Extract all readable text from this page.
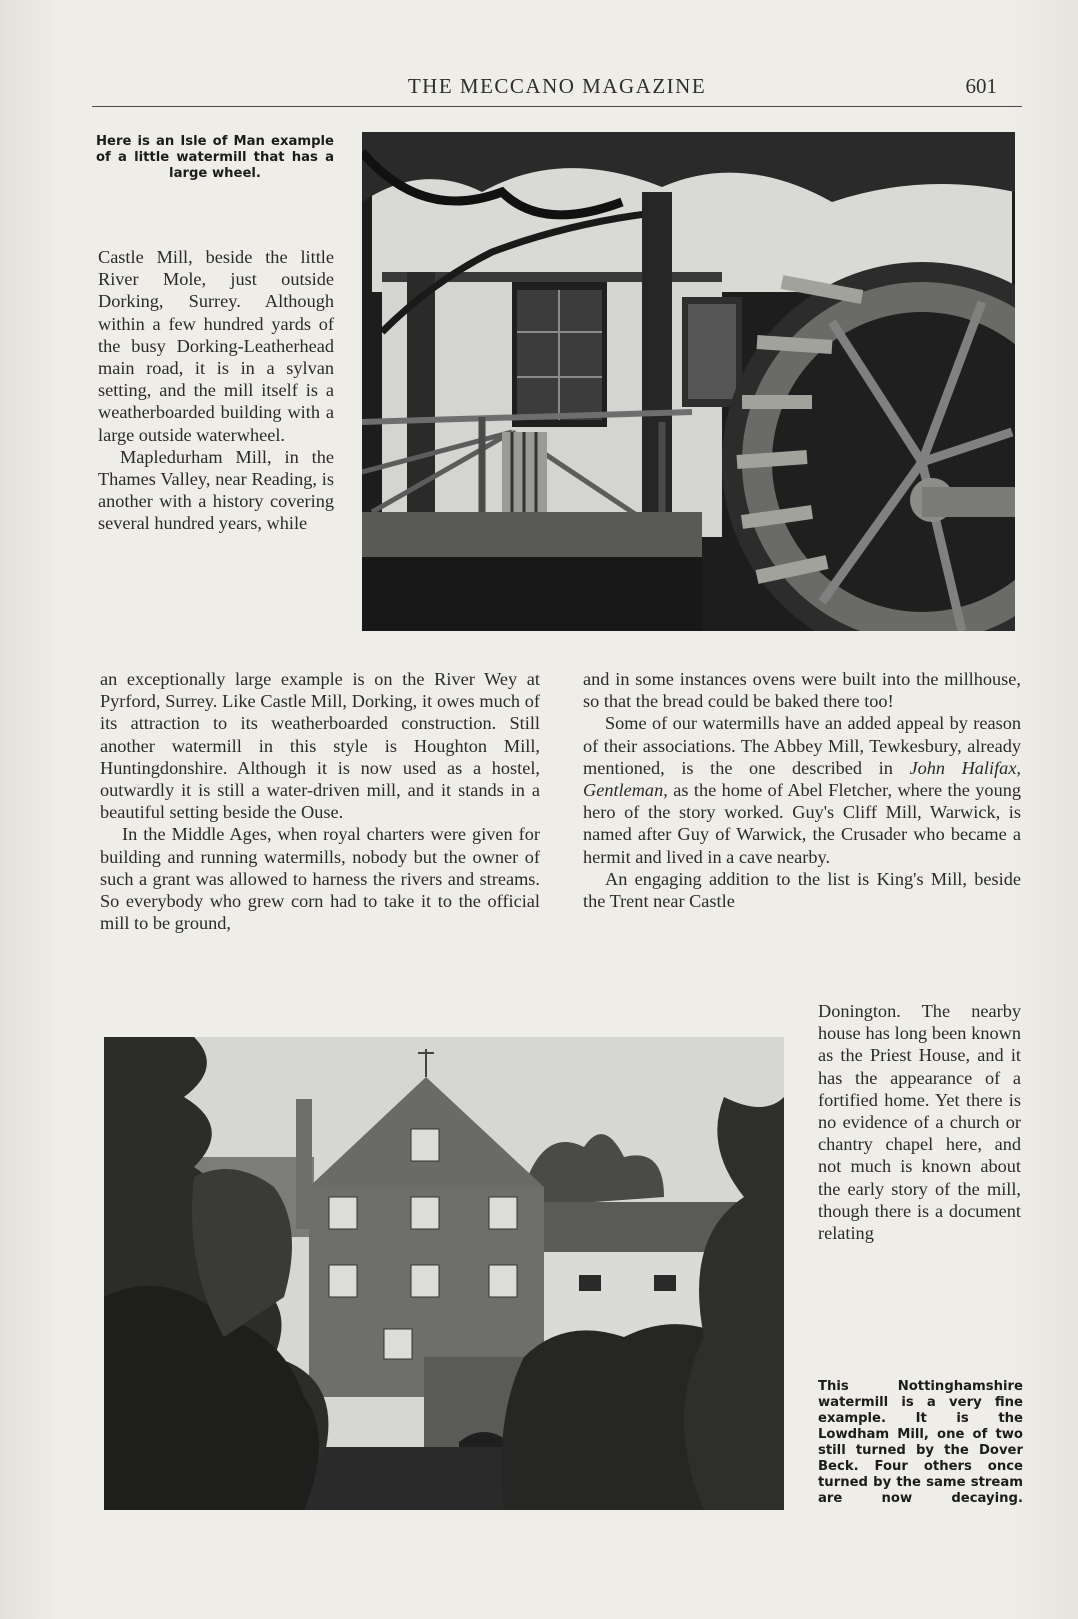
THE MECCANO MAGAZINE	601

Here is an Isle of Man example of a little watermill that has a large wheel.

Castle Mill, beside the little River Mole, just outside Dorking, Surrey. Although within a few hundred yards of the busy Dorking-Leatherhead main road, it is in a sylvan setting, and the mill itself is a weatherboarded building with a large outside waterwheel.

Mapledurham Mill, in the Thames Valley, near Reading, is another with a history covering several hundred years, while

an exceptionally large example is on the River Wey at Pyrford, Surrey. Like Castle Mill, Dorking, it owes much of its attraction to its weatherboarded construction. Still another watermill in this style is Houghton Mill, Huntingdonshire. Although it is now used as a hostel, outwardly it is still a water-driven mill, and it stands in a beautiful setting beside the Ouse.

In the Middle Ages, when royal charters were given for building and running watermills, nobody but the owner of such a grant was allowed to harness the rivers and streams. So everybody who grew corn had to take it to the official mill to be ground,

and in some instances ovens were built into the millhouse, so that the bread could be baked there too!

Some of our watermills have an added appeal by reason of their associations. The Abbey Mill, Tewkesbury, already mentioned, is the one described in John Halifax, Gentleman, as the home of Abel Fletcher, where the young hero of the story worked. Guy's Cliff Mill, Warwick, is named after Guy of Warwick, the Crusader who became a hermit and lived in a cave nearby.

An engaging addition to the list is King's Mill, beside the Trent near Castle

Donington. The nearby house has long been known as the Priest House, and it has the appearance of a fortified home. Yet there is no evidence of a church or chantry chapel here, and not much is known about the early story of the mill, though there is a document relating

This Nottinghamshire watermill is a very fine example. It is the Lowdham Mill, one of two still turned by the Dover Beck. Four others once turned by the same stream are now decaying.
